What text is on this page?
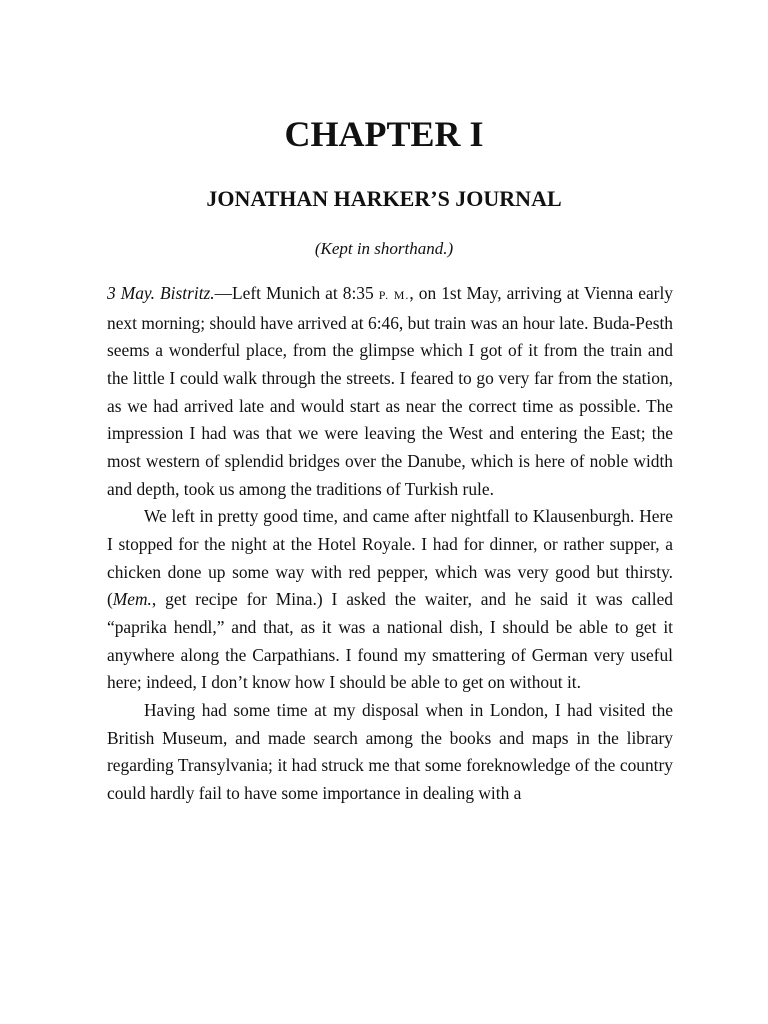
CHAPTER I
JONATHAN HARKER’S JOURNAL

(Kept in shorthand.)

3 May. Bistritz.—Left Munich at 8:35 P. M., on 1st May, arriving at Vienna early next morning; should have arrived at 6:46, but train was an hour late. Buda-Pesth seems a wonderful place, from the glimpse which I got of it from the train and the little I could walk through the streets. I feared to go very far from the station, as we had arrived late and would start as near the correct time as possible. The impression I had was that we were leaving the West and entering the East; the most western of splendid bridges over the Danube, which is here of noble width and depth, took us among the traditions of Turkish rule.

We left in pretty good time, and came after nightfall to Klausenburgh. Here I stopped for the night at the Hotel Royale. I had for dinner, or rather supper, a chicken done up some way with red pepper, which was very good but thirsty. (Mem., get recipe for Mina.) I asked the waiter, and he said it was called “paprika hendl,” and that, as it was a national dish, I should be able to get it anywhere along the Carpathians. I found my smattering of German very useful here; indeed, I don’t know how I should be able to get on without it.

Having had some time at my disposal when in London, I had visited the British Museum, and made search among the books and maps in the library regarding Transylvania; it had struck me that some foreknowledge of the country could hardly fail to have some importance in dealing with a
